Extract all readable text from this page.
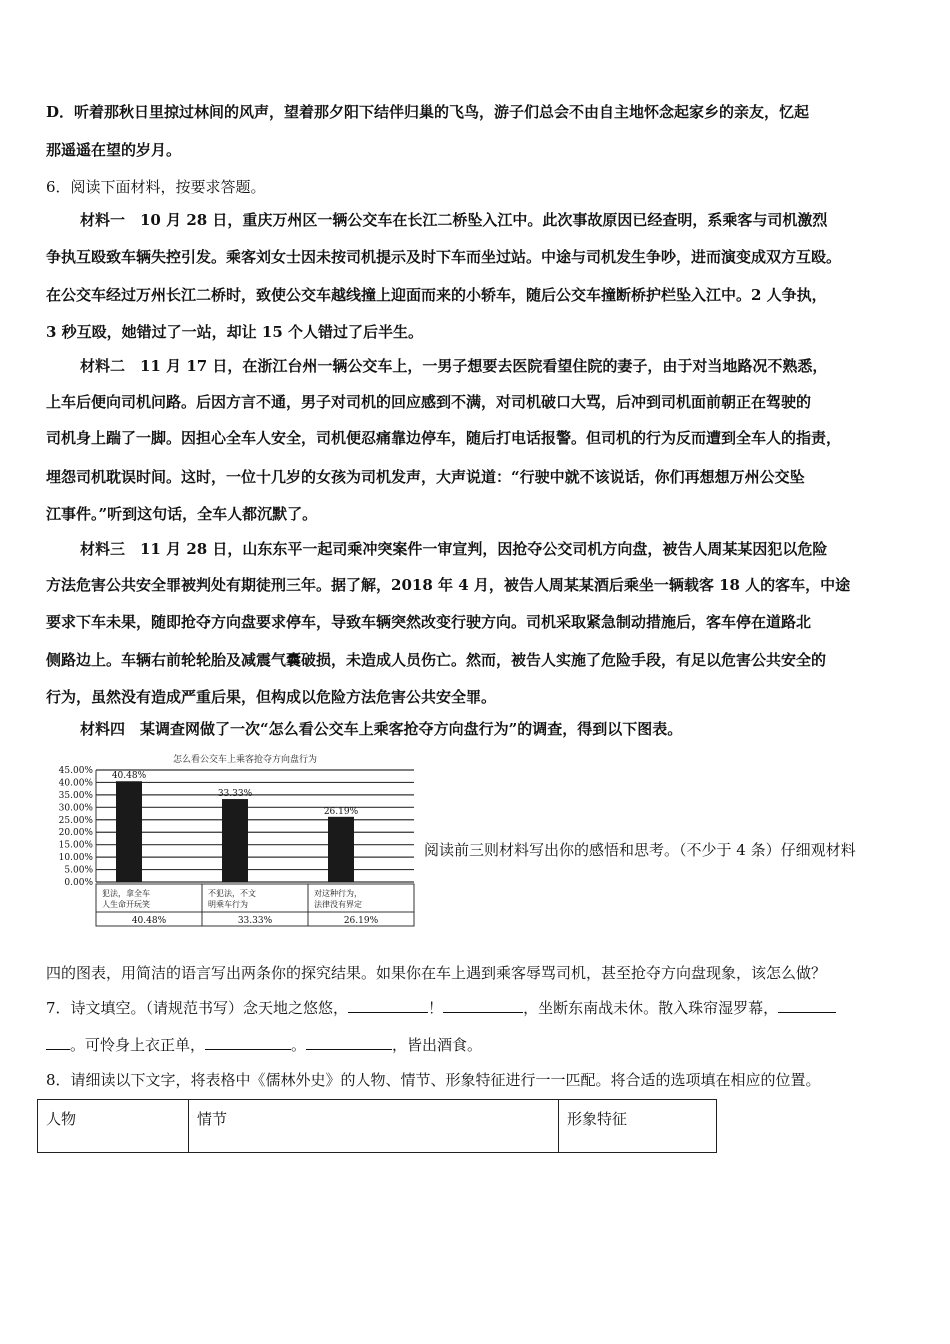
D．听着那秋日里掠过林间的风声，望着那夕阳下结伴归巢的飞鸟，游子们总会不由自主地怀念起家乡的亲友，忆起
那遥遥在望的岁月。
6．阅读下面材料，按要求答题。
材料一　10 月 28 日，重庆万州区一辆公交车在长江二桥坠入江中。此次事故原因已经查明，系乘客与司机激烈
争执互殴致车辆失控引发。乘客刘女士因未按司机提示及时下车而坐过站。中途与司机发生争吵，进而演变成双方互殴。
在公交车经过万州长江二桥时，致使公交车越线撞上迎面而来的小轿车，随后公交车撞断桥护栏坠入江中。2 人争执，
3 秒互殴，她错过了一站，却让 15 个人错过了后半生。
材料二　11 月 17 日，在浙江台州一辆公交车上，一男子想要去医院看望住院的妻子，由于对当地路况不熟悉，
上车后便向司机问路。后因方言不通，男子对司机的回应感到不满，对司机破口大骂，后冲到司机面前朝正在驾驶的
司机身上踹了一脚。因担心全车人安全，司机便忍痛靠边停车，随后打电话报警。但司机的行为反而遭到全车人的指责，
埋怨司机耽误时间。这时，一位十几岁的女孩为司机发声，大声说道：“行驶中就不该说话，你们再想想万州公交坠
江事件。”听到这句话，全车人都沉默了。
材料三　11 月 28 日，山东东平一起司乘冲突案件一审宣判，因抢夺公交司机方向盘，被告人周某某因犯以危险
方法危害公共安全罪被判处有期徒刑三年。据了解，2018 年 4 月，被告人周某某酒后乘坐一辆载客 18 人的客车，中途
要求下车未果，随即抢夺方向盘要求停车，导致车辆突然改变行驶方向。司机采取紧急制动措施后，客车停在道路北
侧路边上。车辆右前轮轮胎及减震气囊破损，未造成人员伤亡。然而，被告人实施了危险手段，有足以危害公共安全的
行为，虽然没有造成严重后果，但构成以危险方法危害公共安全罪。
材料四　某调查网做了一次“怎么看公交车上乘客抢夺方向盘行为”的调查，得到以下图表。
怎么看公交车上乘客抢夺方向盘行为
0.00%
5.00%
10.00%
15.00%
20.00%
25.00%
30.00%
35.00%
40.00%
45.00%
40.48%
犯法，拿全车
人生命开玩笑
40.48%
33.33%
不犯法，不文
明乘车行为
33.33%
26.19%
对这种行为，
法律没有界定
26.19%
阅读前三则材料写出你的感悟和思考。（不少于 4 条）仔细观材料
四的图表，用简洁的语言写出两条你的探究结果。如果你在车上遇到乘客辱骂司机，甚至抢夺方向盘现象，该怎么做？
7．诗文填空。（请规范书写）念天地之悠悠，	！	，坐断东南战未休。散入珠帘湿罗幕，
。可怜身上衣正单，	。	，皆出酒食。
8．请细读以下文字，将表格中《儒林外史》的人物、情节、形象特征进行一一匹配。将合适的选项填在相应的位置。
人物	情节	形象特征
